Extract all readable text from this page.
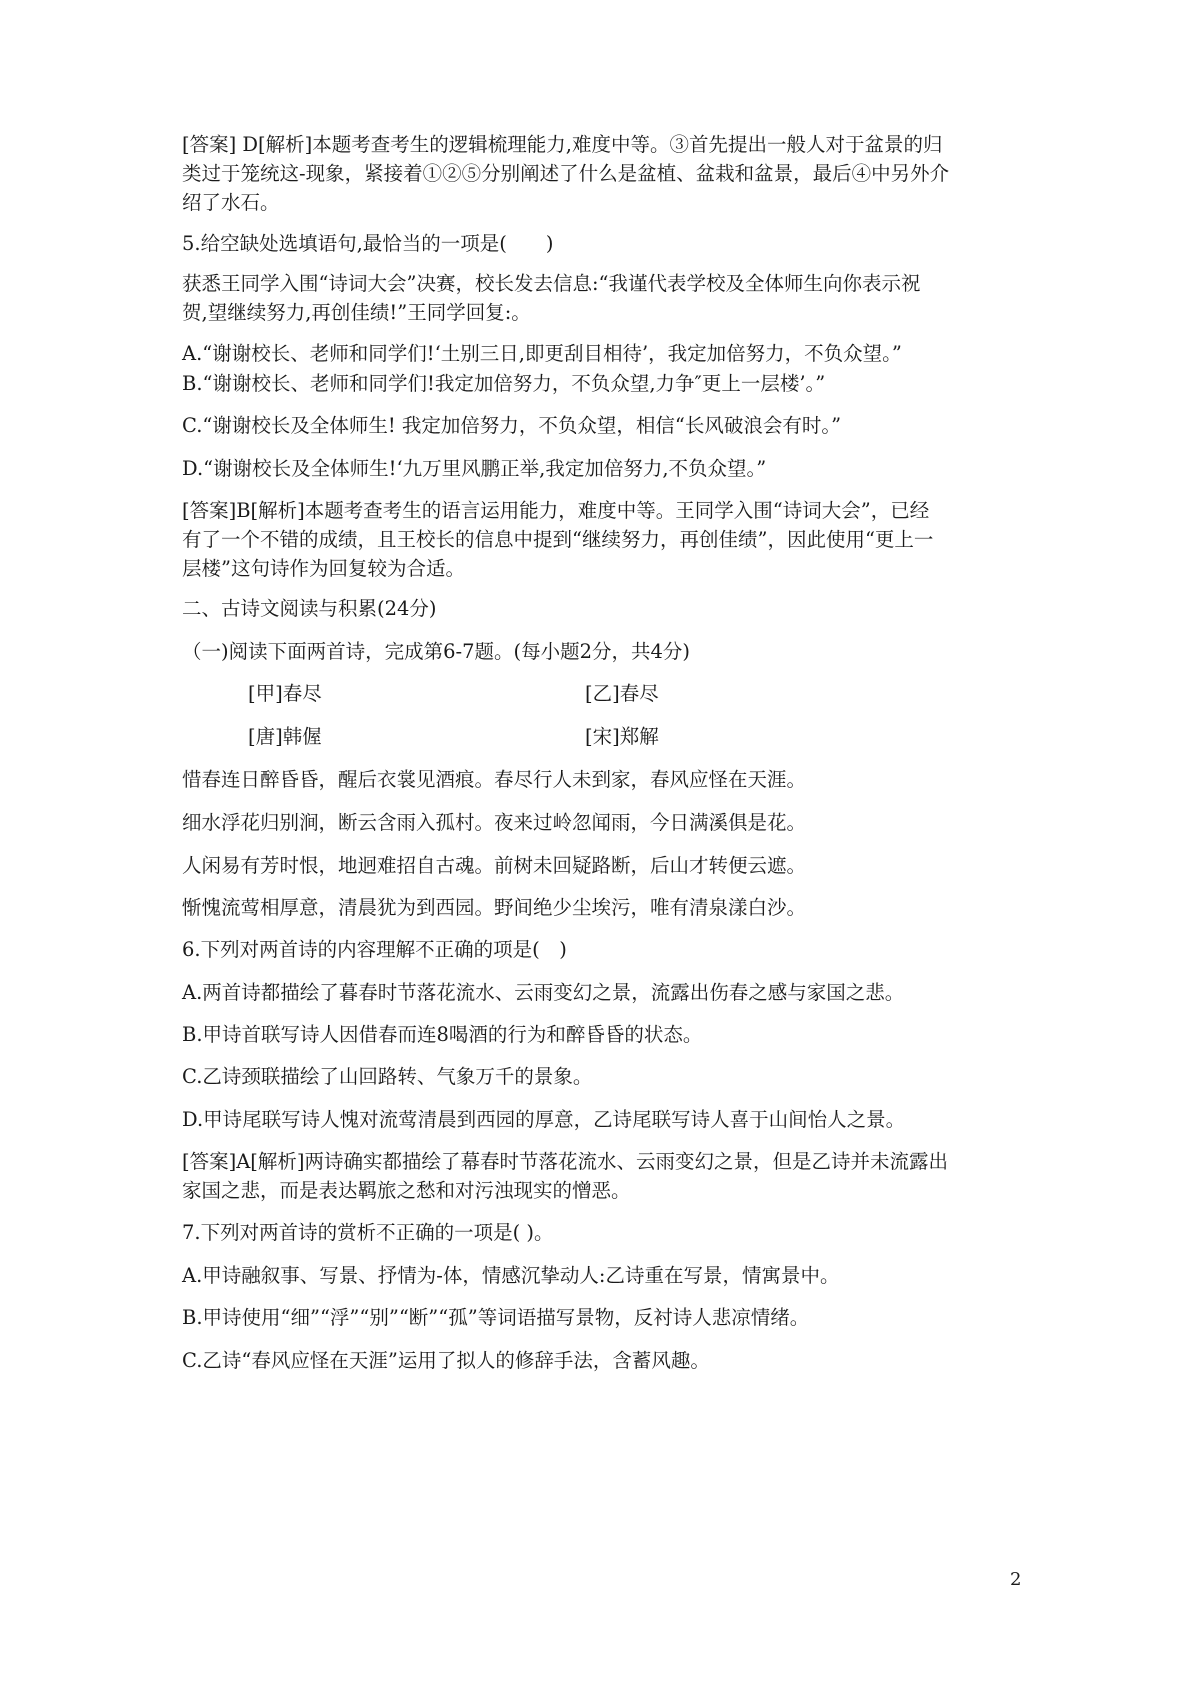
[答案] D[解析]本题考查考生的逻辑梳理能力,难度中等。③首先提出一般人对于盆景的归
类过于笼统这-现象，紧接着①②⑤分别阐述了什么是盆植、盆栽和盆景，最后④中另外介
绍了水石。
5.给空缺处选填语句,最恰当的一项是(　　)
获悉王同学入围“诗词大会”决赛，校长发去信息:“我谨代表学校及全体师生向你表示祝
贺,望继续努力,再创佳绩!”王同学回复:。
A.“谢谢校长、老师和同学们!‘土别三日,即更刮目相待’，我定加倍努力，不负众望。”
B.“谢谢校长、老师和同学们!我定加倍努力，不负众望,力争″更上一层楼’。”
C.“谢谢校长及全体师生! 我定加倍努力，不负众望，相信“长风破浪会有时。”
D.“谢谢校长及全体师生!‘九万里风鹏正举,我定加倍努力,不负众望。”
[答案]B[解析]本题考查考生的语言运用能力，难度中等。王同学入围“诗词大会”，已经
有了一个不错的成绩，且王校长的信息中提到“继续努力，再创佳绩”，因此使用“更上一
层楼”这句诗作为回复较为合适。
二、古诗文阅读与积累(24分)
（一)阅读下面两首诗，完成第6-7题。(每小题2分，共4分)
[甲]春尽	[乙]春尽
[唐]韩偓	[宋]郑解
惜春连日醉昏昏，醒后衣裳见酒痕。春尽行人未到家，春风应怪在天涯。
细水浮花归别涧，断云含雨入孤村。夜来过岭忽闻雨，今日满溪俱是花。
人闲易有芳时恨，地迥难招自古魂。前树未回疑路断，后山才转便云遮。
惭愧流莺相厚意，清晨犹为到西园。野间绝少尘埃污，唯有清泉漾白沙。
6.下列对两首诗的内容理解不正确的项是(　)
A.两首诗都描绘了暮春时节落花流水、云雨变幻之景，流露出伤春之感与家国之悲。
B.甲诗首联写诗人因借春而连8喝酒的行为和醉昏昏的状态。
C.乙诗颈联描绘了山回路转、气象万千的景象。
D.甲诗尾联写诗人愧对流莺清晨到西园的厚意，乙诗尾联写诗人喜于山间怡人之景。
[答案]A[解析]两诗确实都描绘了幕春时节落花流水、云雨变幻之景，但是乙诗并未流露出
家国之悲，而是表达羁旅之愁和对污浊现实的憎恶。
7.下列对两首诗的赏析不正确的一项是( )。
A.甲诗融叙事、写景、抒情为-体，情感沉挚动人:乙诗重在写景，情寓景中。
B.甲诗使用“细”“浮”“别”“断”“孤”等词语描写景物，反衬诗人悲凉情绪。
C.乙诗“春风应怪在天涯”运用了拟人的修辞手法，含蓄风趣。
2
